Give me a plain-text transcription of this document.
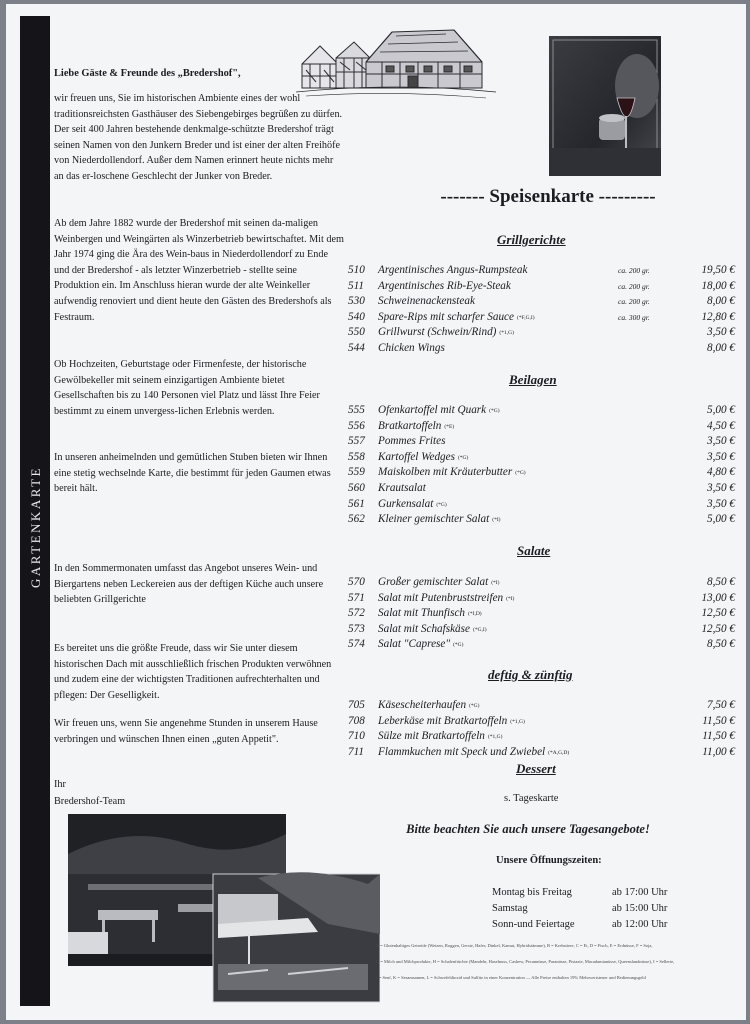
GARTENKARTE
Liebe Gäste & Freunde des „Bredershof",

wir freuen uns, Sie im historischen Ambiente eines der wohl traditionsreichsten Gasthäuser des Siebengebirges begrüßen zu dürfen. Der seit 400 Jahren bestehende denkmalge-schützte Bredershof trägt seinen Namen von den Junkern Breder und ist einer der alten Freihöfe von Niederdollendorf. Außer dem Namen erinnert heute nichts mehr an das er-loschene Geschlecht der Junker von Breder.

Ab dem Jahre 1882 wurde der Bredershof mit seinen da-maligen Weinbergen und Weingärten als Winzerbetrieb bewirtschaftet. Mit dem Jahr 1974 ging die Ära des Wein-baus in Niederdollendorf zu Ende und der Bredershof - als letzter Winzerbetrieb - stellte seine Produktion ein. Im Anschluss hieran wurde der alte Weinkeller aufwendig renoviert und dient heute den Gästen des Bredershofs als Festraum.

Ob Hochzeiten, Geburtstage oder Firmenfeste, der historische Gewölbekeller mit seinem einzigartigen Ambiente bietet Gesellschaften bis zu 140 Personen viel Platz und lässt Ihre Feier bestimmt zu einem unvergess-lichen Erlebnis werden.

In unseren anheimelnden und gemütlichen Stuben bieten wir Ihnen eine stetig wechselnde Karte, die bestimmt für jeden Gaumen etwas bereit hält.

In den Sommermonaten umfasst das Angebot unseres Wein- und Biergartens neben Leckereien aus der deftigen Küche auch unsere beliebten Grillgerichte

Es bereitet uns die größte Freude, dass wir Sie unter diesem historischen Dach mit ausschließlich frischen Produkten verwöhnen und zudem eine der wichtigsten Traditionen aufrechterhalten und pflegen: Der Geselligkeit.

Wir freuen uns, wenn Sie angenehme Stunden in unserem Hause verbringen und wünschen Ihnen einen „guten Appetit".

Ihr

Bredershof-Team

------- Speisenkarte ---------
Grillgerichte
Beilagen
Salate
deftig & zünftig
Dessert
s. Tageskarte
Bitte beachten Sie auch unsere Tagesangebote!
Unsere Öffnungszeiten:
Montag bis Freitag	ab 17:00 Uhr
Samstag	ab 15:00 Uhr
Sonn-und Feiertage	ab 12:00 Uhr
A = Glutenhaltiges Getreide (Weizen, Roggen, Gerste, Hafer, Dinkel, Kamut, Hybridstämme), B = Krebstiere, C = Ei, D = Fisch, E = Erdnüsse, F = Soja,
G = Milch und Milchprodukte, H = Schalenfrüchte (Mandeln, Haselnuss, Cashew, Pecannüsse, Paranüsse, Pistazie, Macadamianüsse, Queenslandnüsse), I = Sellerie,
J = Senf, K = Sesamsamen, L = Schwefeldioxid und Sulfite in einer Konzentration — Alle Preise enthalten 19% Mehrwertsteuer und Bedienungsgeld
510 Argentinisches Angus-Rumpsteak	ca. 200 gr.	19,50 €
511 Argentinisches Rib-Eye-Steak	ca. 200 gr.	18,00 €
530 Schweinenackensteak	ca. 200 gr.	8,00 €
540 Spare-Rips mit scharfer Sauce (*F,G,I)	ca. 300 gr.	12,80 €
550 Grillwurst (Schwein/Rind) (*1,G)	3,50 €
544 Chicken Wings	8,00 €
555 Ofenkartoffel mit Quark (*G)	5,00 €
556 Bratkartoffeln (*E)	4,50 €
557 Pommes Frites	3,50 €
558 Kartoffel Wedges (*G)	3,50 €
559 Maiskolben mit Kräuterbutter (*G)	4,80 €
560 Krautsalat	3,50 €
561 Gurkensalat (*G)	3,50 €
562 Kleiner gemischter Salat (*I)	5,00 €
570 Großer gemischter Salat (*I)	8,50 €
571 Salat mit Putenbruststreifen (*I)	13,00 €
572 Salat mit Thunfisch (*I,D)	12,50 €
573 Salat mit Schafskäse (*G,I)	12,50 €
574 Salat "Caprese" (*G)	8,50 €
705 Käsescheiterhaufen (*G)	7,50 €
708 Leberkäse mit Bratkartoffeln (*1,G)	11,50 €
710 Sülze mit Bratkartoffeln (*1,G)	11,50 €
711 Flammkuchen mit Speck und Zwiebel (*A,G,D)	11,00 €
